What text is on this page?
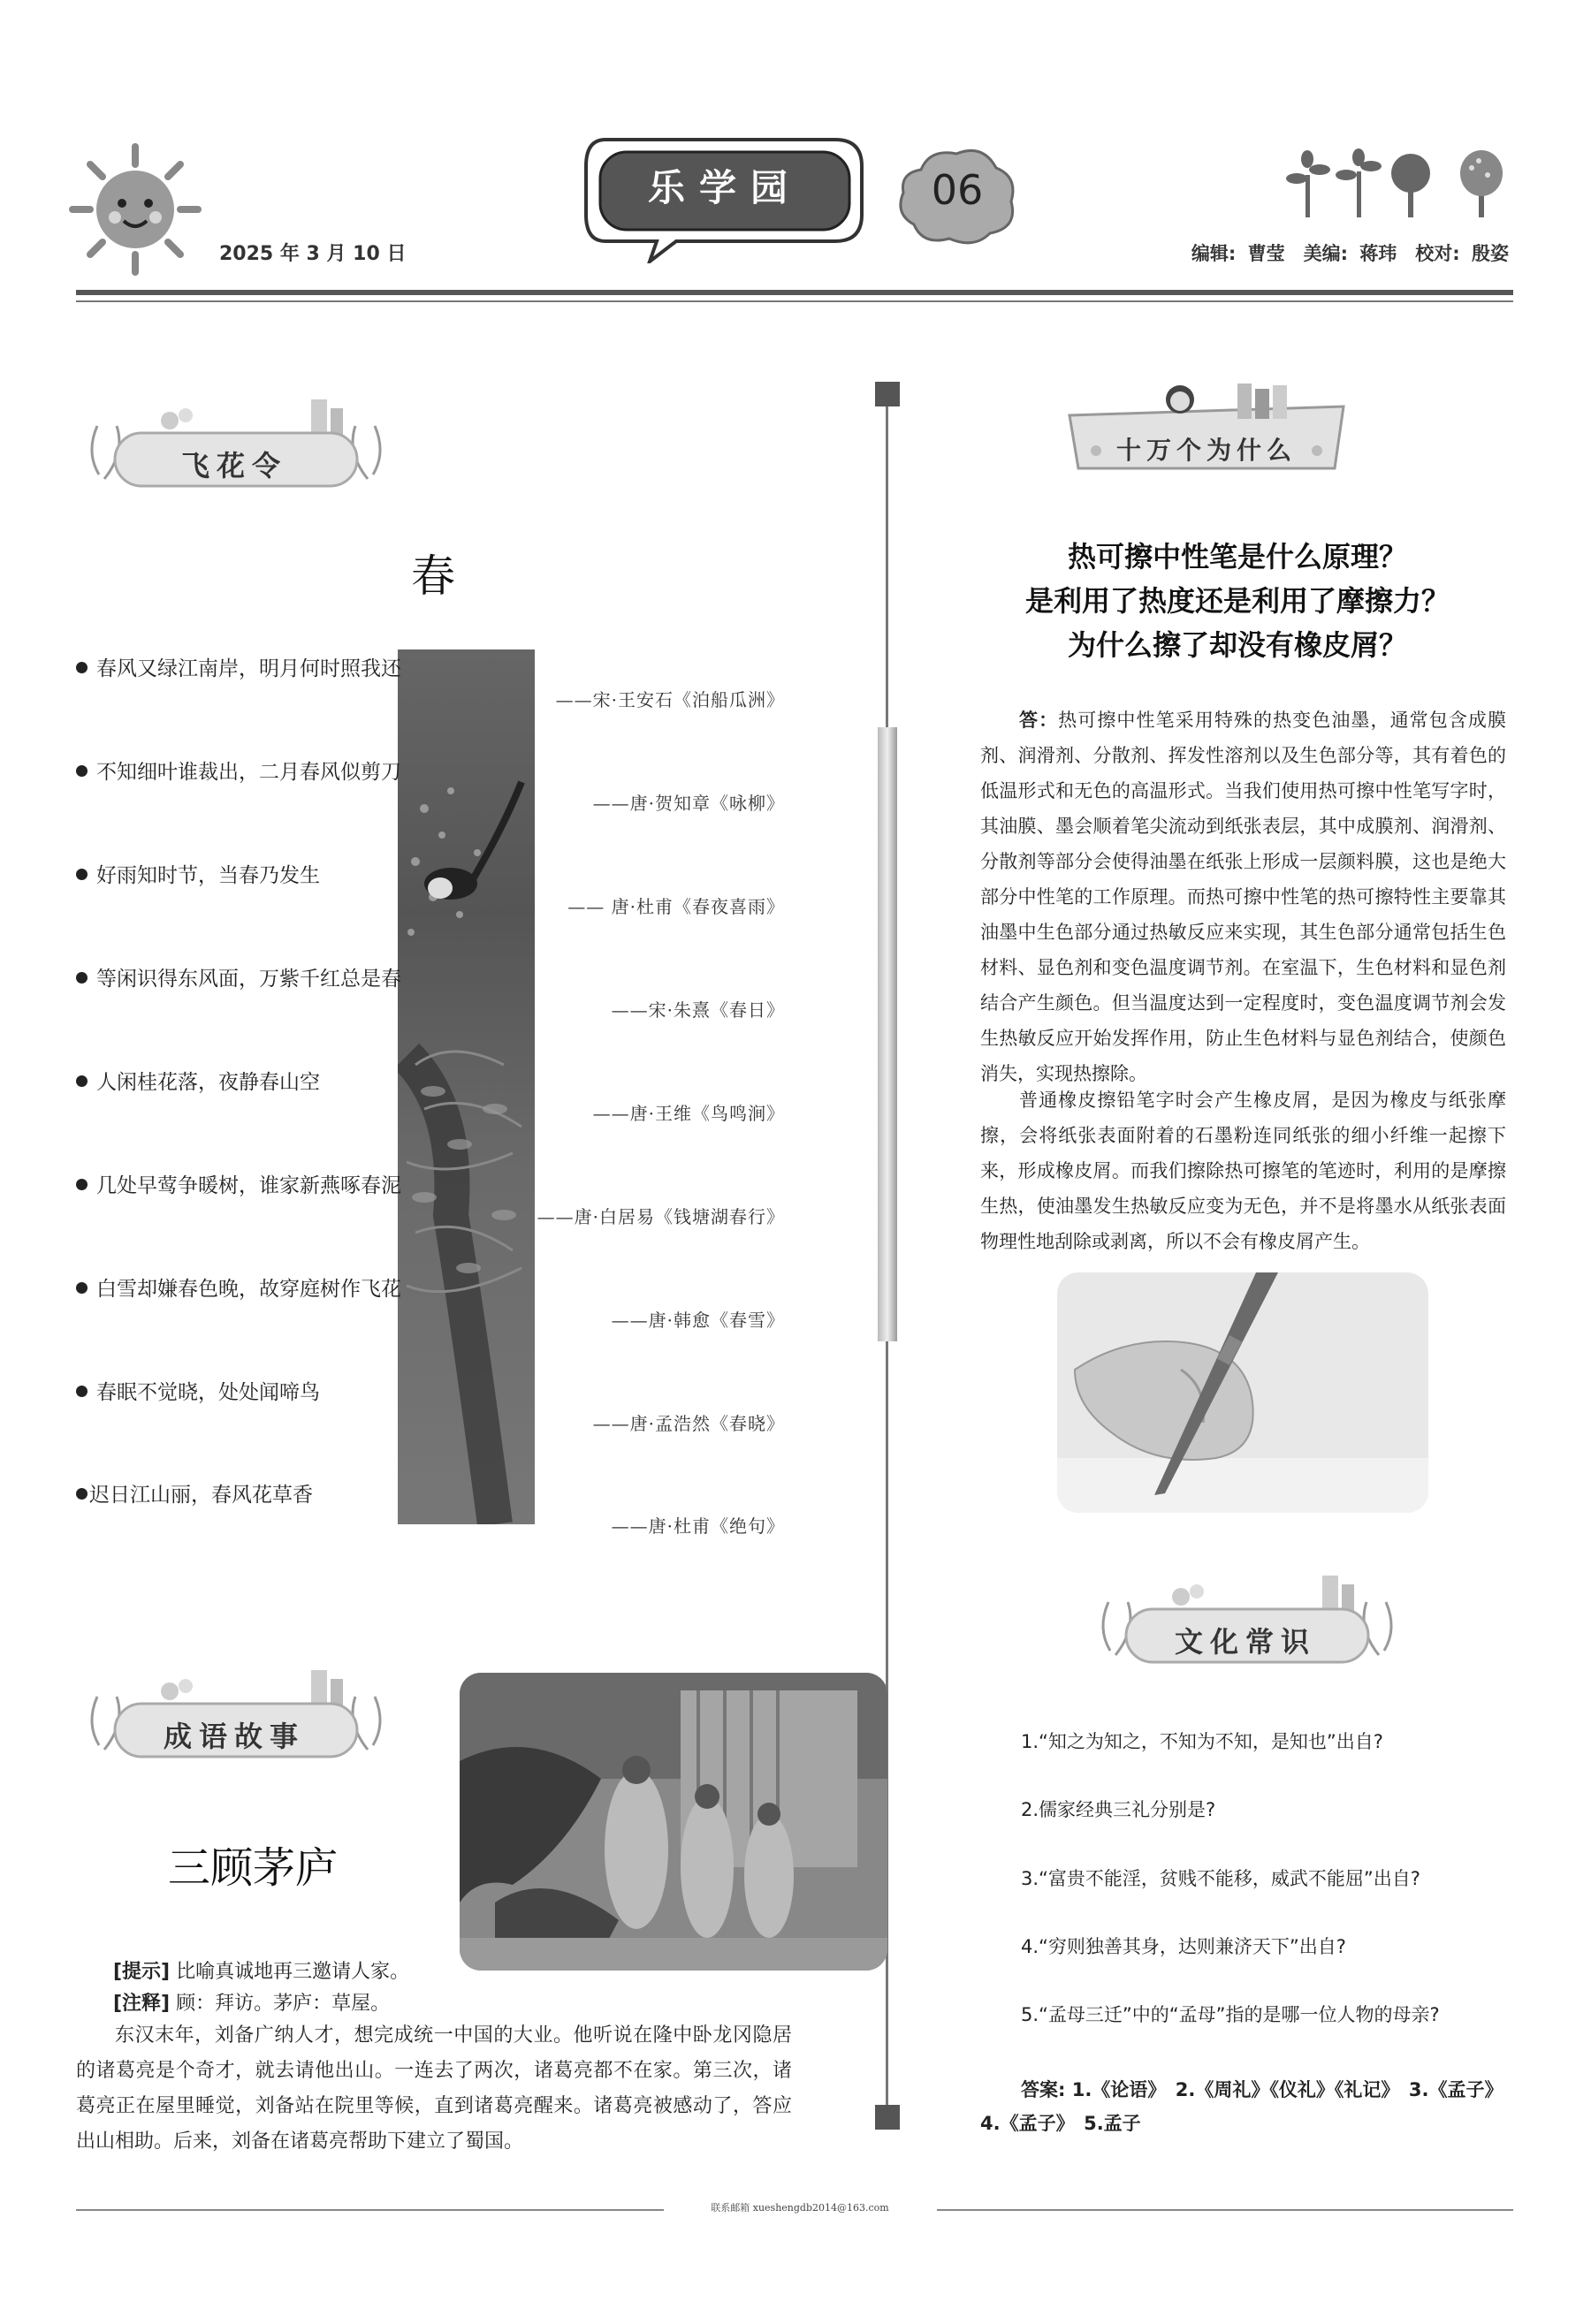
2025 年 3 月 10 日
乐学园	06
编辑: 曹莹　美编: 蒋玮　校对: 殷姿
飞花令
春
春风又绿江南岸，明月何时照我还
——宋·王安石《泊船瓜洲》
不知细叶谁裁出，二月春风似剪刀
——唐·贺知章《咏柳》
好雨知时节，当春乃发生
—— 唐·杜甫《春夜喜雨》
等闲识得东风面，万紫千红总是春
——宋·朱熹《春日》
人闲桂花落，夜静春山空
——唐·王维《鸟鸣涧》
几处早莺争暖树，谁家新燕啄春泥
——唐·白居易《钱塘湖春行》
白雪却嫌春色晚，故穿庭树作飞花
——唐·韩愈《春雪》
春眠不觉晓，处处闻啼鸟
——唐·孟浩然《春晓》
迟日江山丽，春风花草香
——唐·杜甫《绝句》
成语故事
三顾茅庐
[提示] 比喻真诚地再三邀请人家。
[注释] 顾：拜访。茅庐：草屋。
东汉末年，刘备广纳人才，想完成统一中国的大业。他听说在隆中卧龙冈隐居的诸葛亮是个奇才，就去请他出山。一连去了两次，诸葛亮都不在家。第三次，诸葛亮正在屋里睡觉，刘备站在院里等候，直到诸葛亮醒来。诸葛亮被感动了，答应出山相助。后来，刘备在诸葛亮帮助下建立了蜀国。
十万个为什么
热可擦中性笔是什么原理？
是利用了热度还是利用了摩擦力？
为什么擦了却没有橡皮屑？
答：热可擦中性笔采用特殊的热变色油墨，通常包含成膜剂、润滑剂、分散剂、挥发性溶剂以及生色部分等，其有着色的低温形式和无色的高温形式。当我们使用热可擦中性笔写字时，其油膜、墨会顺着笔尖流动到纸张表层，其中成膜剂、润滑剂、分散剂等部分会使得油墨在纸张上形成一层颜料膜，这也是绝大部分中性笔的工作原理。而热可擦中性笔的热可擦特性主要靠其油墨中生色部分通过热敏反应来实现，其生色部分通常包括生色材料、显色剂和变色温度调节剂。在室温下，生色材料和显色剂结合产生颜色。但当温度达到一定程度时，变色温度调节剂会发生热敏反应开始发挥作用，防止生色材料与显色剂结合，使颜色消失，实现热擦除。
普通橡皮擦铅笔字时会产生橡皮屑，是因为橡皮与纸张摩擦，会将纸张表面附着的石墨粉连同纸张的细小纤维一起擦下来，形成橡皮屑。而我们擦除热可擦笔的笔迹时，利用的是摩擦生热，使油墨发生热敏反应变为无色，并不是将墨水从纸张表面物理性地刮除或剥离，所以不会有橡皮屑产生。
文化常识
1.“知之为知之，不知为不知，是知也”出自?
2.儒家经典三礼分别是?
3.“富贵不能淫，贫贱不能移，威武不能屈”出自?
4.“穷则独善其身，达则兼济天下”出自?
5.“孟母三迁”中的“孟母”指的是哪一位人物的母亲?
答案: 1.《论语》　2.《周礼》《仪礼》《礼记》　3.《孟子》
4.《孟子》　5.孟子
联系邮箱 xueshengdb2014@163.com
